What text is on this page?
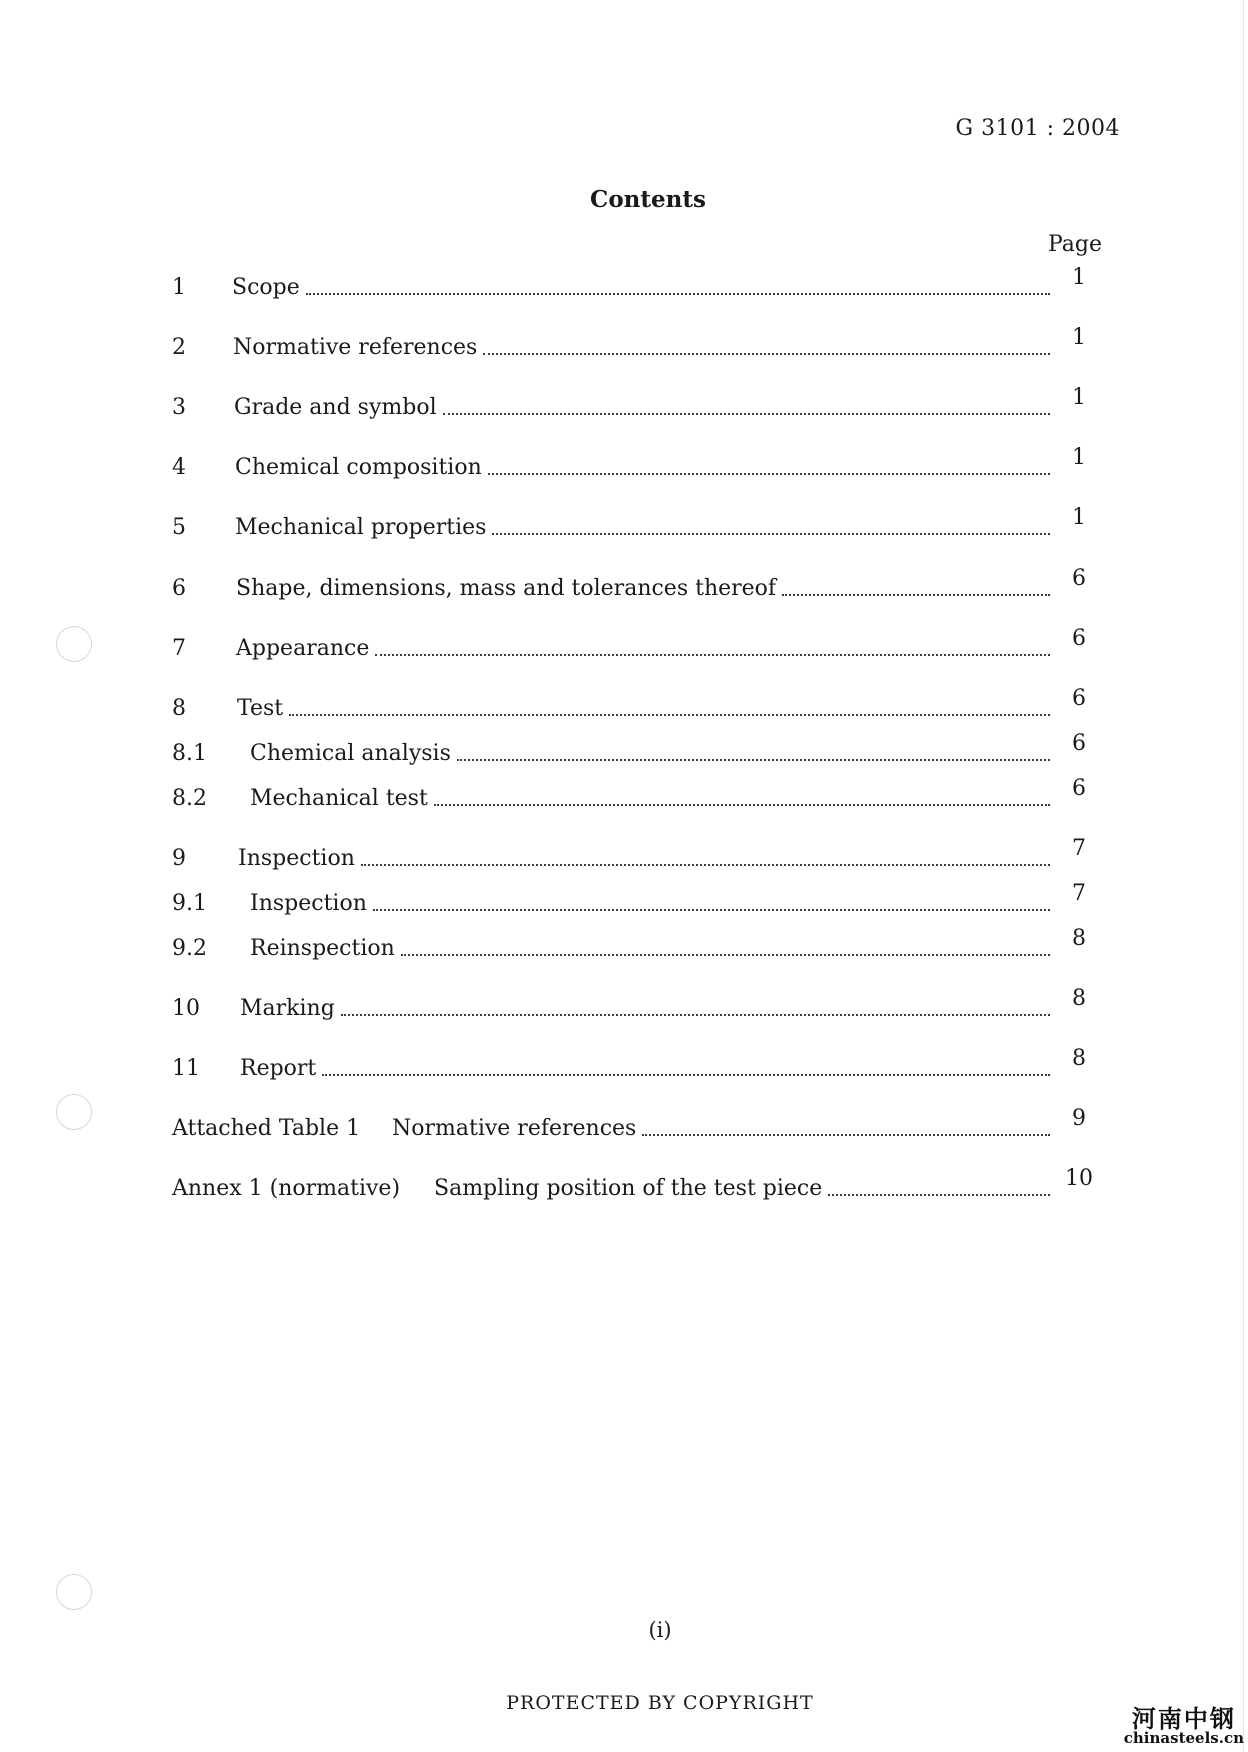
G 3101 : 2004
Contents
Page
1	Scope	1
2	Normative references	1
3	Grade and symbol	1
4	Chemical composition	1
5	Mechanical properties	1
6	Shape, dimensions, mass and tolerances thereof	6
7	Appearance	6
8	Test	6
8.1	Chemical analysis	6
8.2	Mechanical test	6
9	Inspection	7
9.1	Inspection	7
9.2	Reinspection	8
10	Marking	8
11	Report	8
Attached Table 1	Normative references	9
Annex 1 (normative)	Sampling position of the test piece	10
(i)
PROTECTED BY COPYRIGHT
河南中钢
chinasteels.cn
